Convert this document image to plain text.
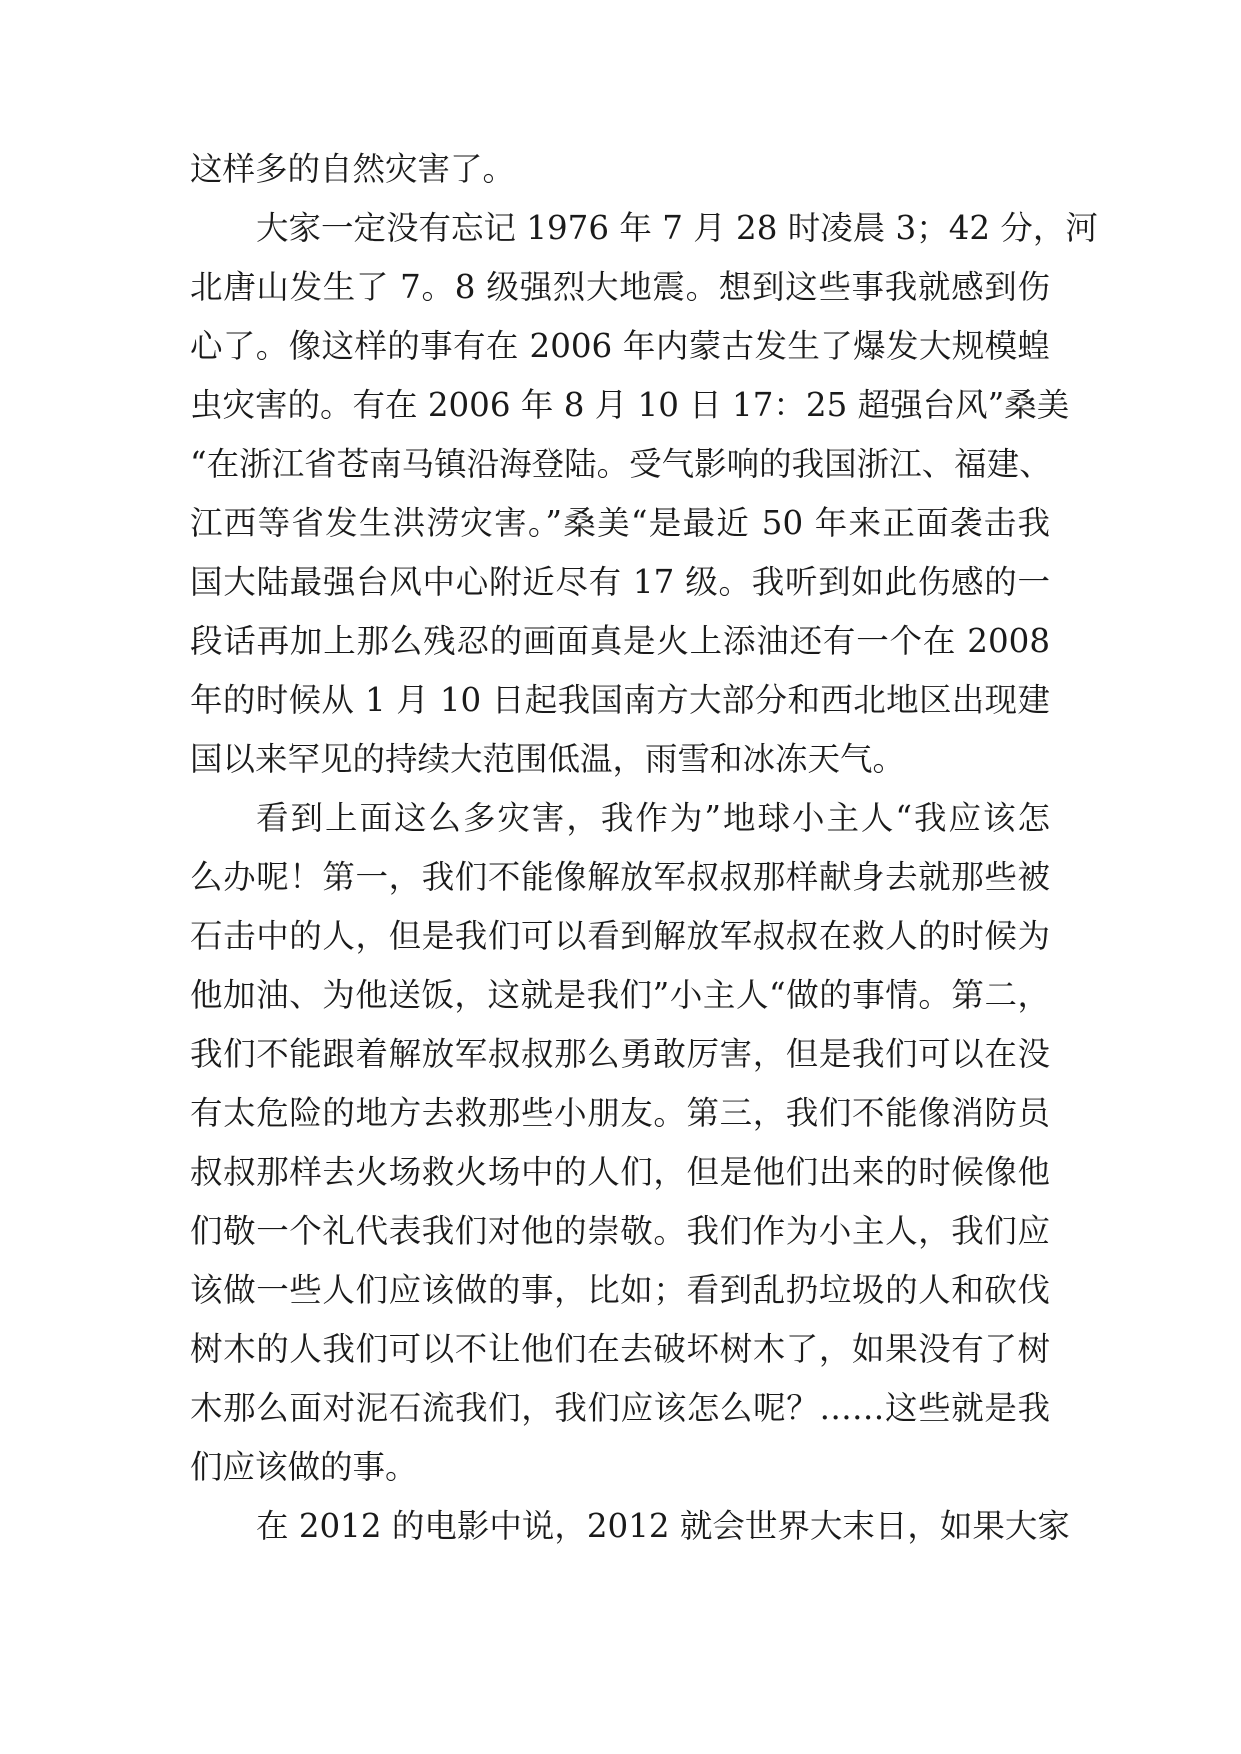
这样多的自然灾害了。
大家一定没有忘记 1976 年 7 月 28 时凌晨 3；42 分，河
北唐山发生了 7。8 级强烈大地震。想到这些事我就感到伤
心了。像这样的事有在 2006 年内蒙古发生了爆发大规模蝗
虫灾害的。有在 2006 年 8 月 10 日 17：25 超强台风”桑美
“在浙江省苍南马镇沿海登陆。受气影响的我国浙江、福建、
江西等省发生洪涝灾害。”桑美“是最近 50 年来正面袭击我
国大陆最强台风中心附近尽有 17 级。我听到如此伤感的一
段话再加上那么残忍的画面真是火上添油还有一个在 2008
年的时候从 1 月 10 日起我国南方大部分和西北地区出现建
国以来罕见的持续大范围低温，雨雪和冰冻天气。
看到上面这么多灾害，我作为”地球小主人“我应该怎
么办呢！第一，我们不能像解放军叔叔那样献身去就那些被
石击中的人，但是我们可以看到解放军叔叔在救人的时候为
他加油、为他送饭，这就是我们”小主人“做的事情。第二，
我们不能跟着解放军叔叔那么勇敢厉害，但是我们可以在没
有太危险的地方去救那些小朋友。第三，我们不能像消防员
叔叔那样去火场救火场中的人们，但是他们出来的时候像他
们敬一个礼代表我们对他的崇敬。我们作为小主人，我们应
该做一些人们应该做的事，比如；看到乱扔垃圾的人和砍伐
树木的人我们可以不让他们在去破坏树木了，如果没有了树
木那么面对泥石流我们，我们应该怎么呢？……这些就是我
们应该做的事。
在 2012 的电影中说，2012 就会世界大末日，如果大家
